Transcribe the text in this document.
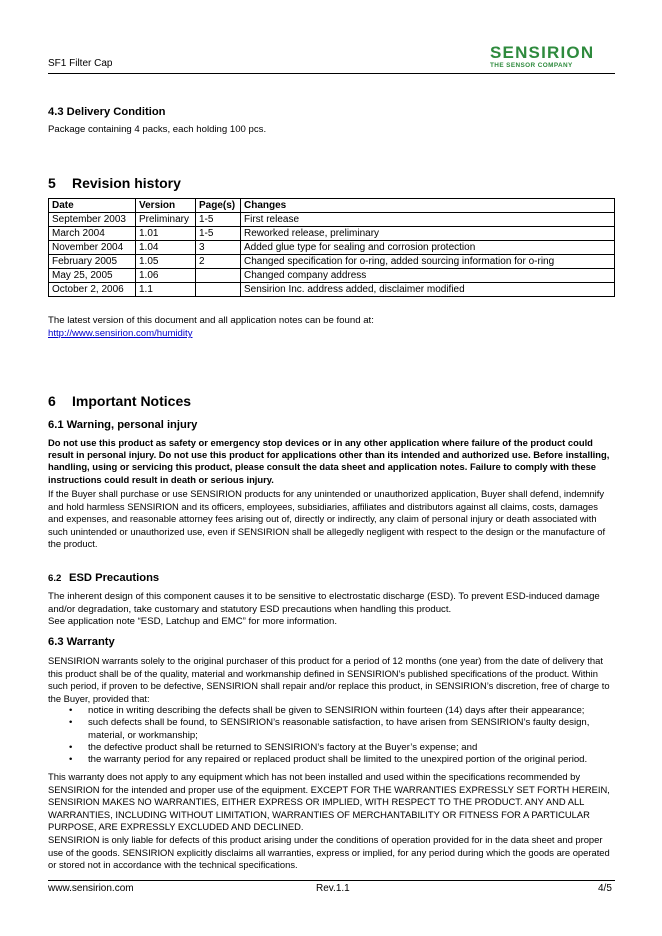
SF1 Filter Cap
SENSIRION
THE SENSOR COMPANY
4.3 Delivery Condition
Package containing 4 packs, each holding 100 pcs.
5 Revision history
Date	Version	Page(s)	Changes
September 2003	Preliminary	1-5	First release
March 2004	1.01	1-5	Reworked release, preliminary
November 2004	1.04	3	Added glue type for sealing and corrosion protection
February 2005	1.05	2	Changed specification for o-ring, added sourcing information for o-ring
May 25, 2005	1.06		Changed company address
October 2, 2006	1.1		Sensirion Inc. address added, disclaimer modified
The latest version of this document and all application notes can be found at:
http://www.sensirion.com/humidity
6 Important Notices
6.1 Warning, personal injury
Do not use this product as safety or emergency stop devices or in any other application where failure of the product could result in personal injury. Do not use this product for applications other than its intended and authorized use. Before installing, handling, using or servicing this product, please consult the data sheet and application notes. Failure to comply with these instructions could result in death or serious injury.
If the Buyer shall purchase or use SENSIRION products for any unintended or unauthorized application, Buyer shall defend, indemnify and hold harmless SENSIRION and its officers, employees, subsidiaries, affiliates and distributors against all claims, costs, damages and expenses, and reasonable attorney fees arising out of, directly or indirectly, any claim of personal injury or death associated with such unintended or unauthorized use, even if SENSIRION shall be allegedly negligent with respect to the design or the manufacture of the product.
6.2 ESD Precautions
The inherent design of this component causes it to be sensitive to electrostatic discharge (ESD). To prevent ESD-induced damage and/or degradation, take customary and statutory ESD precautions when handling this product.
See application note “ESD, Latchup and EMC” for more information.
6.3 Warranty
SENSIRION warrants solely to the original purchaser of this product for a period of 12 months (one year) from the date of delivery that this product shall be of the quality, material and workmanship defined in SENSIRION’s published specifications of the product. Within such period, if proven to be defective, SENSIRION shall repair and/or replace this product, in SENSIRION’s discretion, free of charge to the Buyer, provided that:
• notice in writing describing the defects shall be given to SENSIRION within fourteen (14) days after their appearance;
• such defects shall be found, to SENSIRION’s reasonable satisfaction, to have arisen from SENSIRION’s faulty design, material, or workmanship;
• the defective product shall be returned to SENSIRION’s factory at the Buyer’s expense; and
• the warranty period for any repaired or replaced product shall be limited to the unexpired portion of the original period.
This warranty does not apply to any equipment which has not been installed and used within the specifications recommended by SENSIRION for the intended and proper use of the equipment. EXCEPT FOR THE WARRANTIES EXPRESSLY SET FORTH HEREIN, SENSIRION MAKES NO WARRANTIES, EITHER EXPRESS OR IMPLIED, WITH RESPECT TO THE PRODUCT. ANY AND ALL WARRANTIES, INCLUDING WITHOUT LIMITATION, WARRANTIES OF MERCHANTABILITY OR FITNESS FOR A PARTICULAR PURPOSE, ARE EXPRESSLY EXCLUDED AND DECLINED.
SENSIRION is only liable for defects of this product arising under the conditions of operation provided for in the data sheet and proper use of the goods. SENSIRION explicitly disclaims all warranties, express or implied, for any period during which the goods are operated or stored not in accordance with the technical specifications.
www.sensirion.com	Rev.1.1	4/5
